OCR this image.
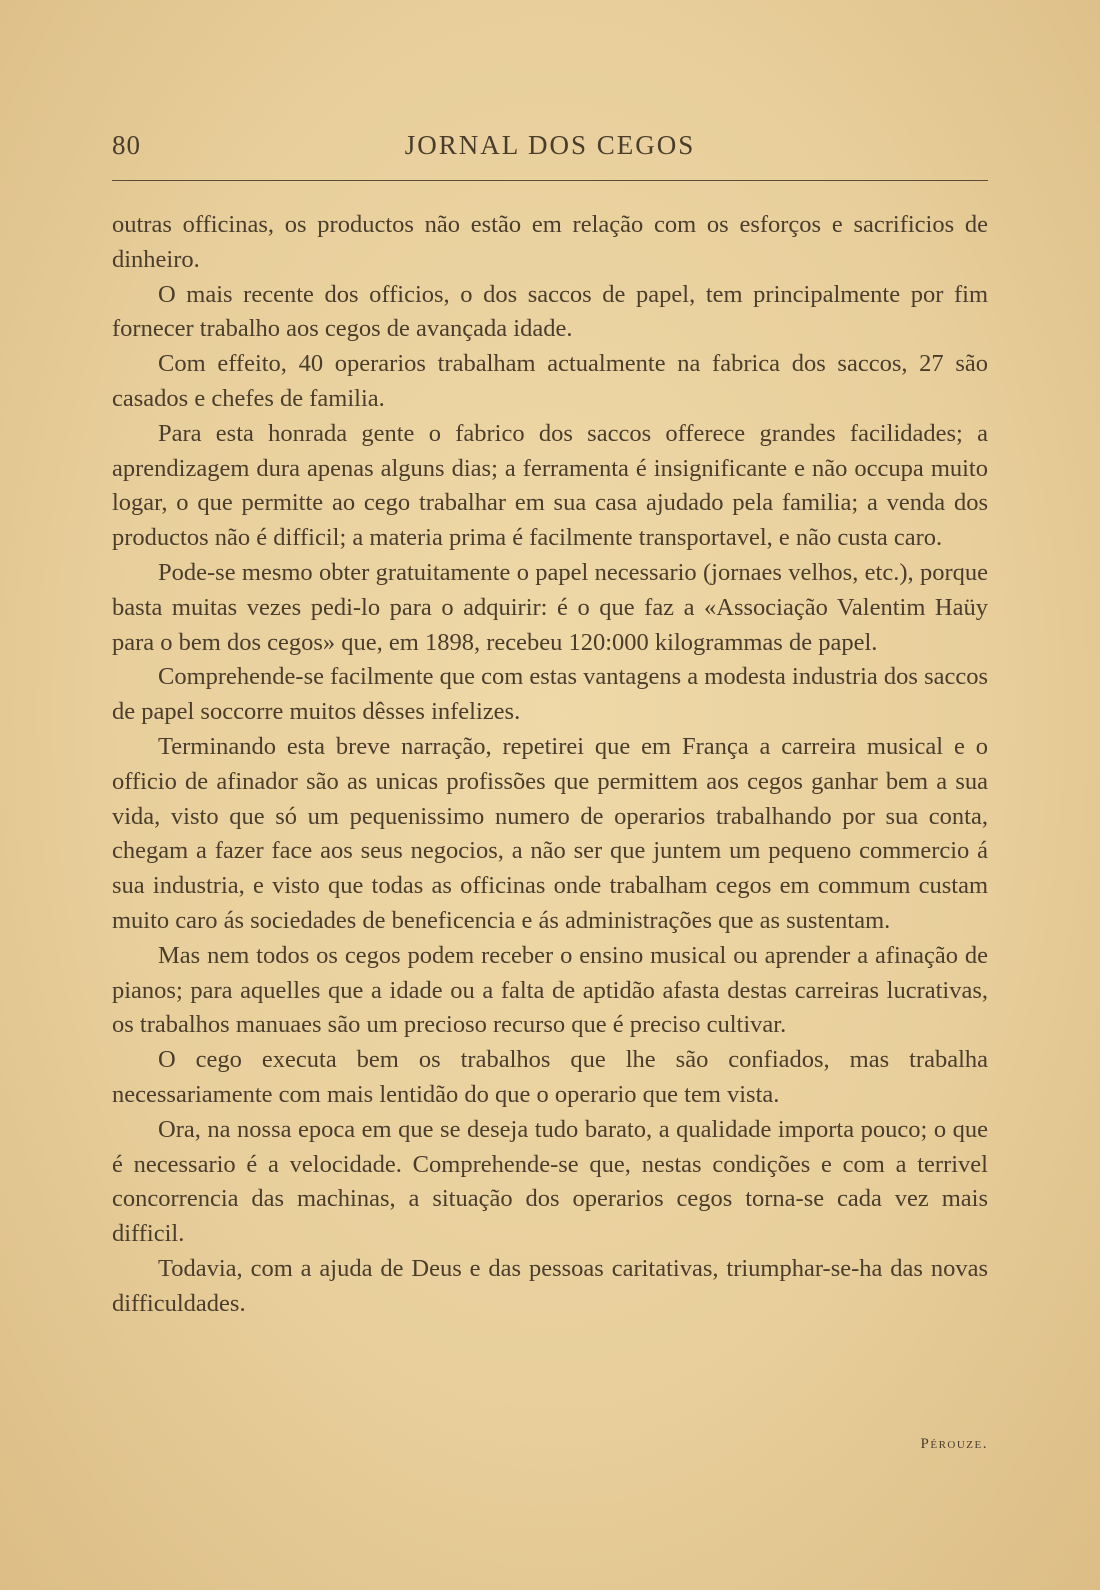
80	JORNAL DOS CEGOS

outras officinas, os productos não estão em relação com os esforços e sacrificios de dinheiro.

O mais recente dos officios, o dos saccos de papel, tem principalmente por fim fornecer trabalho aos cegos de avançada idade.

Com effeito, 40 operarios trabalham actualmente na fabrica dos saccos, 27 são casados e chefes de familia.

Para esta honrada gente o fabrico dos saccos offerece grandes facilidades; a aprendizagem dura apenas alguns dias; a ferramenta é insignificante e não occupa muito logar, o que permitte ao cego trabalhar em sua casa ajudado pela familia; a venda dos productos não é difficil; a materia prima é facilmente transportavel, e não custa caro.

Pode-se mesmo obter gratuitamente o papel necessario (jornaes velhos, etc.), porque basta muitas vezes pedi-lo para o adquirir: é o que faz a «Associação Valentim Haüy para o bem dos cegos» que, em 1898, recebeu 120:000 kilogrammas de papel.

Comprehende-se facilmente que com estas vantagens a modesta industria dos saccos de papel soccorre muitos dêsses infelizes.

Terminando esta breve narração, repetirei que em França a carreira musical e o officio de afinador são as unicas profissões que permittem aos cegos ganhar bem a sua vida, visto que só um pequenissimo numero de operarios trabalhando por sua conta, chegam a fazer face aos seus negocios, a não ser que juntem um pequeno commercio á sua industria, e visto que todas as officinas onde trabalham cegos em commum custam muito caro ás sociedades de beneficencia e ás administrações que as sustentam.

Mas nem todos os cegos podem receber o ensino musical ou aprender a afinação de pianos; para aquelles que a idade ou a falta de aptidão afasta destas carreiras lucrativas, os trabalhos manuaes são um precioso recurso que é preciso cultivar.

O cego executa bem os trabalhos que lhe são confiados, mas trabalha necessariamente com mais lentidão do que o operario que tem vista.

Ora, na nossa epoca em que se deseja tudo barato, a qualidade importa pouco; o que é necessario é a velocidade. Comprehende-se que, nestas condições e com a terrivel concorrencia das machinas, a situação dos operarios cegos torna-se cada vez mais difficil.

Todavia, com a ajuda de Deus e das pessoas caritativas, triumphar-se-ha das novas difficuldades.

Pérouze.
